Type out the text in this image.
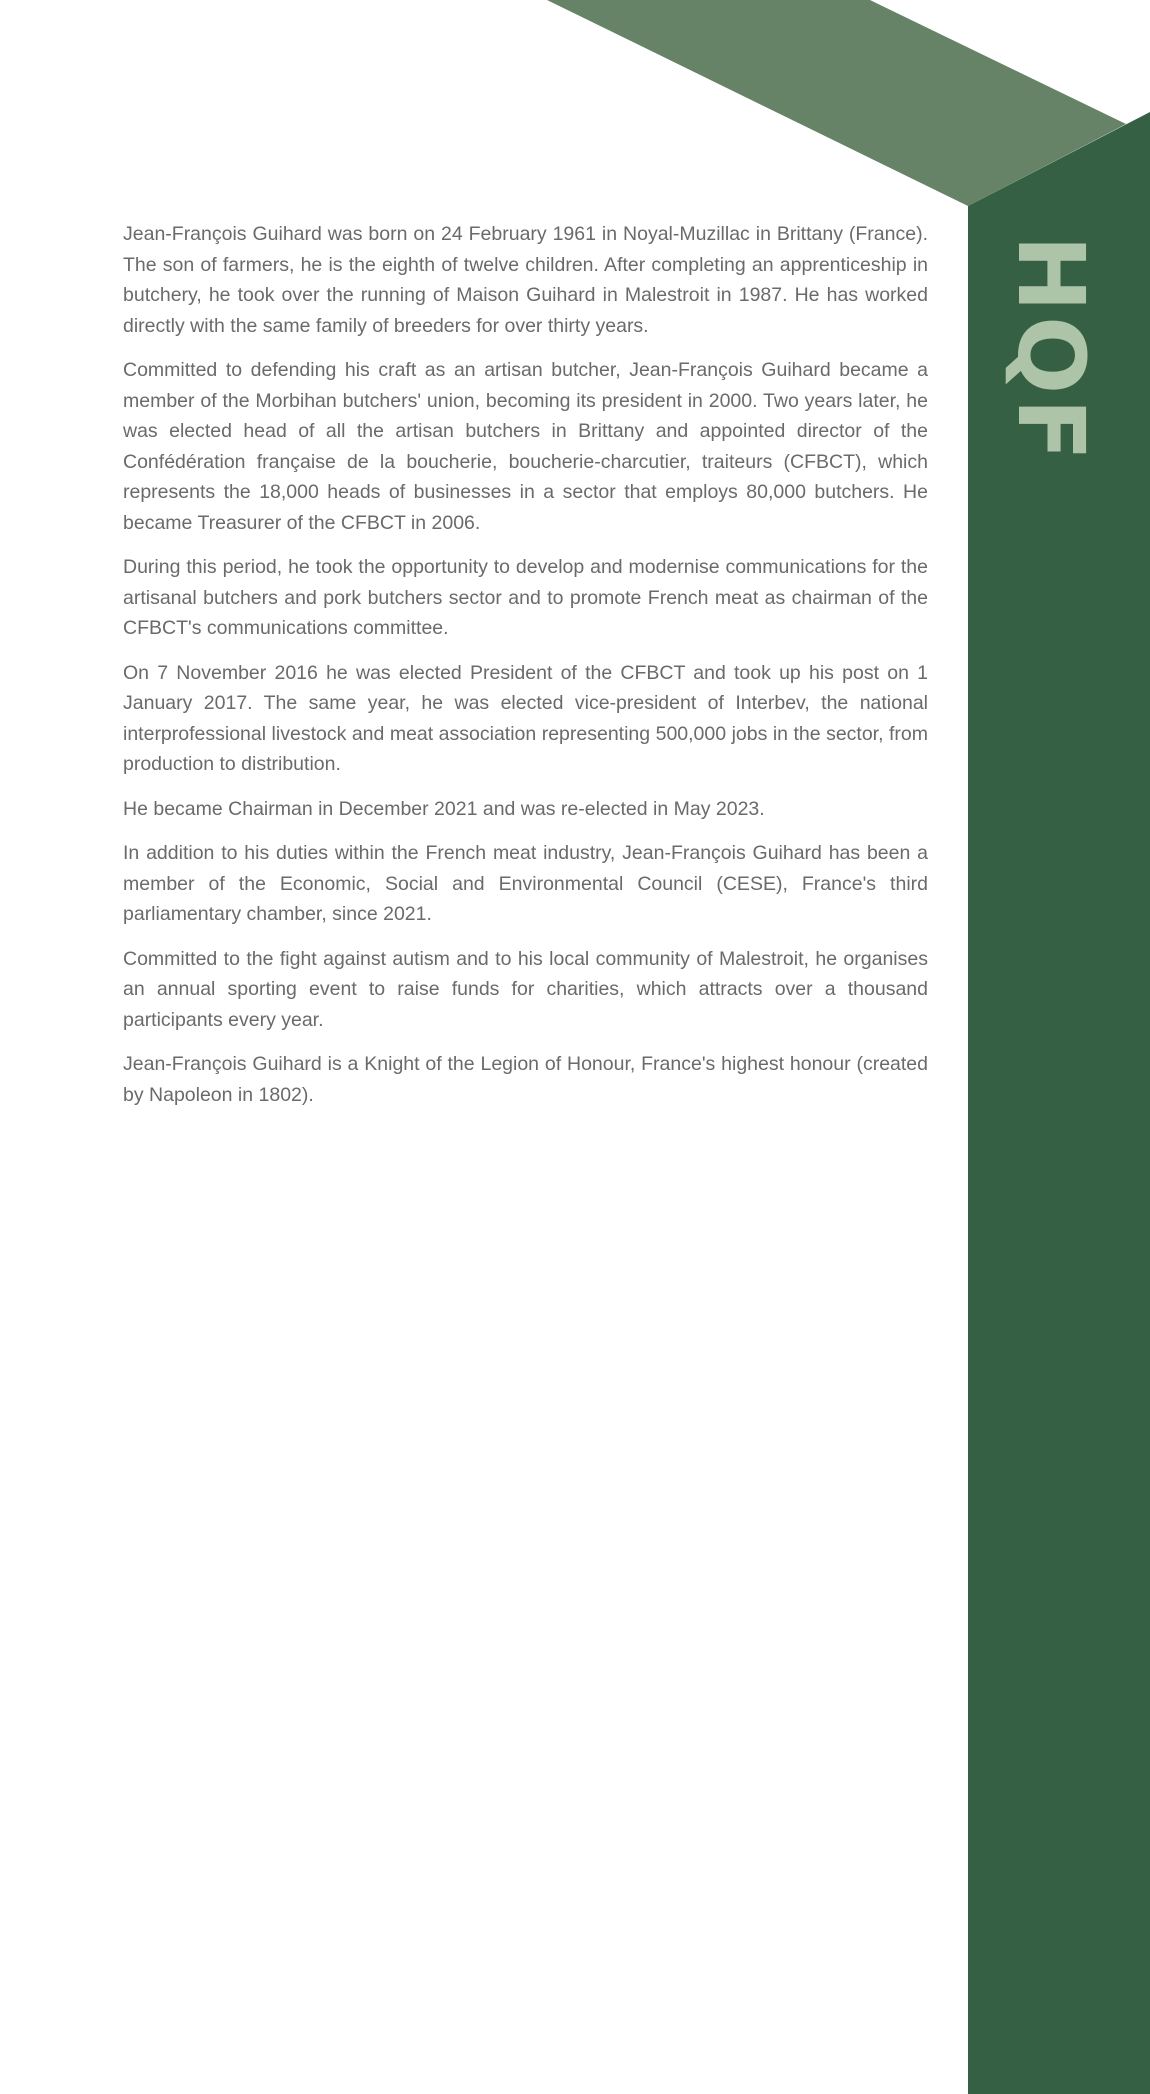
HQF

Jean-François Guihard was born on 24 February 1961 in Noyal-Muzillac in Brittany (France). The son of farmers, he is the eighth of twelve children. After completing an apprenticeship in butchery, he took over the running of Maison Guihard in Malestroit in 1987. He has worked directly with the same family of breeders for over thirty years.

Committed to defending his craft as an artisan butcher, Jean-François Guihard became a member of the Morbihan butchers' union, becoming its president in 2000. Two years later, he was elected head of all the artisan butchers in Brittany and appointed director of the Confédération française de la boucherie, boucherie-charcutier, traiteurs (CFBCT), which represents the 18,000 heads of businesses in a sector that employs 80,000 butchers. He became Treasurer of the CFBCT in 2006.

During this period, he took the opportunity to develop and modernise communications for the artisanal butchers and pork butchers sector and to promote French meat as chairman of the CFBCT's communications committee.

On 7 November 2016 he was elected President of the CFBCT and took up his post on 1 January 2017. The same year, he was elected vice-president of Interbev, the national interprofessional livestock and meat association representing 500,000 jobs in the sector, from production to distribution.

He became Chairman in December 2021 and was re-elected in May 2023.

In addition to his duties within the French meat industry, Jean-François Guihard has been a member of the Economic, Social and Environmental Council (CESE), France's third parliamentary chamber, since 2021.

Committed to the fight against autism and to his local community of Malestroit, he organises an annual sporting event to raise funds for charities, which attracts over a thousand participants every year.

Jean-François Guihard is a Knight of the Legion of Honour, France's highest honour (created by Napoleon in 1802).
